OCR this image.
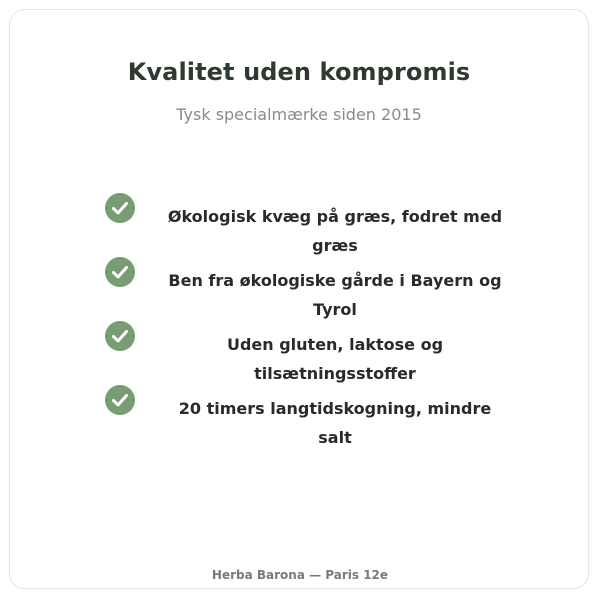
Kvalitet uden kompromis
Tysk specialmærke siden 2015
Økologisk kvæg på græs, fodret med græs
Ben fra økologiske gårde i Bayern og Tyrol
Uden gluten, laktose og tilsætningsstoffer
20 timers langtidskogning, mindre salt
Herba Barona — Paris 12e
